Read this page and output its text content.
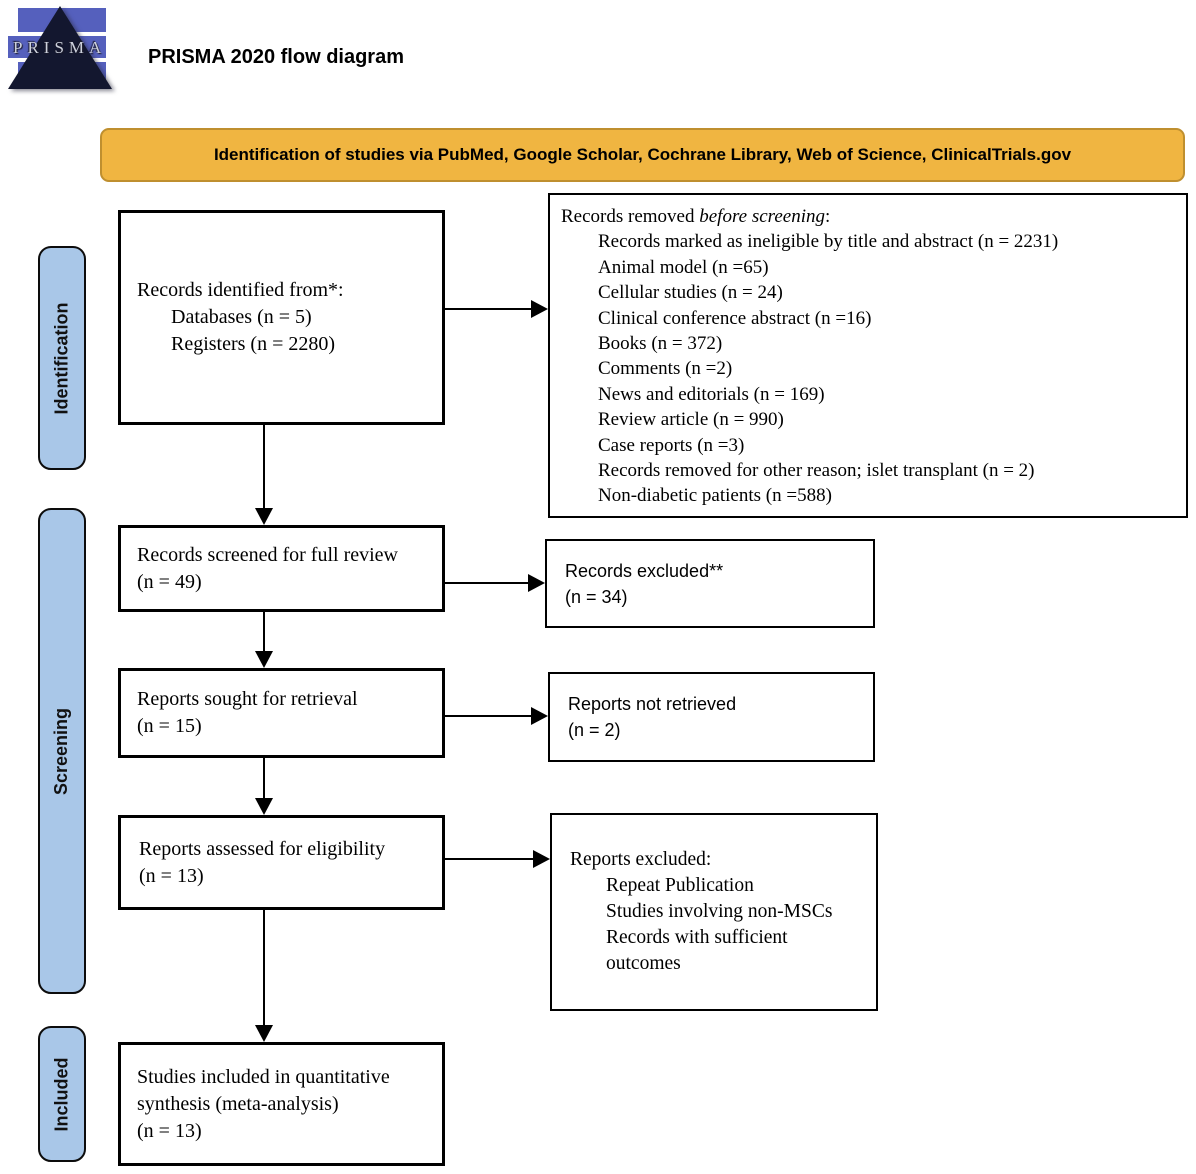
PRISMA PRISMA 2020 flow diagram
Identification of studies via PubMed, Google Scholar, Cochrane Library, Web of Science, ClinicalTrials.gov
Identification
Screening
Included
Records identified from*:
Databases (n = 5)
Registers (n = 2280)
Records removed before screening:
Records marked as ineligible by title and abstract (n = 2231)
Animal model (n =65)
Cellular studies (n = 24)
Clinical conference abstract (n =16)
Books (n = 372)
Comments (n =2)
News and editorials (n = 169)
Review article (n = 990)
Case reports (n =3)
Records removed for other reason; islet transplant (n = 2)
Non-diabetic patients (n =588)
Records screened for full review
(n = 49)	Records excluded**
(n = 34)
Reports sought for retrieval
(n = 15)
Reports not retrieved
(n = 2)
Reports assessed for eligibility
(n = 13)
Reports excluded:
Repeat Publication
Studies involving non-MSCs
Records with sufficient
outcomes
Studies included in quantitative
synthesis (meta-analysis)
(n = 13)
